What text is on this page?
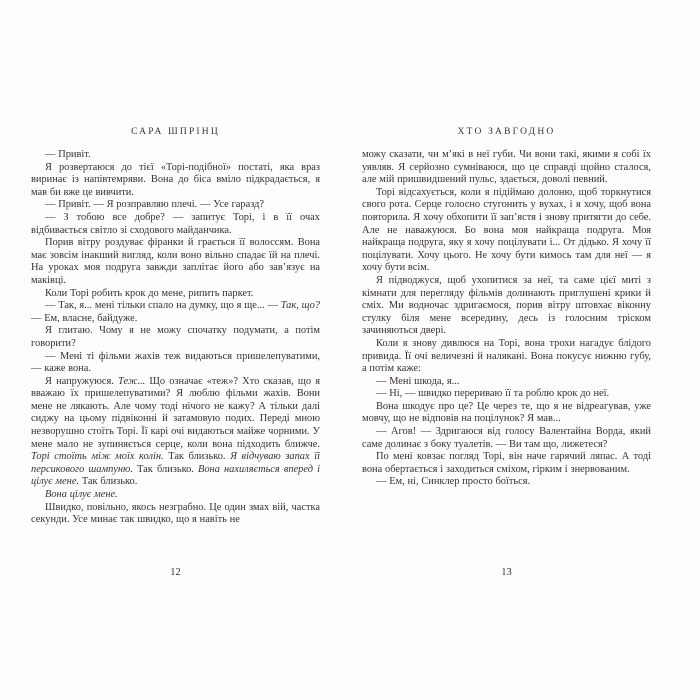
САРА ШПРІНЦ

— Привіт.

Я розвертаюся до тієї «Торі-подібної» постаті, яка враз виринає із напівтемряви. Вона до біса вміло підкрадається, я мав би вже це вивчити.

— Привіт. — Я розправляю плечі. — Усе гаразд?

— З тобою все добре? — запитує Торі, і в її очах відбивається світло зі сходового майданчика.

Порив вітру роздуває фіранки й грається її волоссям. Вона має зовсім інакший вигляд, коли воно вільно спадає їй на плечі. На уроках моя подруга завжди заплітає його або зав’язує на маківці.

Коли Торі робить крок до мене, рипить паркет.

— Так, я... мені тільки спало на думку, що я ще... — Так, що? — Ем, власне, байдуже.

Я глитаю. Чому я не можу спочатку подумати, а потім говорити?

— Мені ті фільми жахів теж видаються пришелепуватими, — каже вона.

Я напружуюся. Теж... Що означає «теж»? Хто сказав, що я вважаю їх пришелепуватими? Я люблю фільми жахів. Вони мене не лякають. Але чому тоді нічого не кажу? А тільки далі сиджу на цьому підвіконні й затамовую подих. Переді мною незворушно стоїть Торі. Її карі очі видаються майже чорними. У мене мало не зупиняється серце, коли вона підходить ближче. Торі стоїть між моїх колін. Так близько. Я відчуваю запах її персикового шампуню. Так близько. Вона нахиляється вперед і цілує мене. Так близько.

Вона цілує мене.

Швидко, повільно, якось незграбно. Це один змах вій, частка секунди. Усе минає так швидко, що я навіть не

12
ХТО ЗАВГОДНО

можу сказати, чи м’які в неї губи. Чи вони такі, якими я собі їх уявляв. Я серйозно сумніваюся, що це справді щойно сталося, але мій пришвидшений пульс, здається, доволі певний.

Торі відсахується, коли я підіймаю долоню, щоб торкнутися свого рота. Серце голосно стугонить у вухах, і я хочу, щоб вона повторила. Я хочу обхопити її зап’ястя і знову притягти до себе. Але не наважуюся. Бо вона моя найкраща подруга. Моя найкраща подруга, яку я хочу поцілувати і... От дідько. Я хочу її поцілувати. Хочу цього. Не хочу бути кимось там для неї — я хочу бути всім.

Я підводжуся, щоб ухопитися за неї, та саме цієї миті з кімнати для перегляду фільмів долинають приглушені крики й сміх. Ми водночас здригаємося, порив вітру штовхає віконну стулку біля мене всередину, десь із голосним тріском зачиняються двері.

Коли я знову дивлюся на Торі, вона трохи нагадує блідого привида. Її очі величезні й налякані. Вона покусує нижню губу, а потім каже:

— Мені шкода, я...

— Ні, — швидко перериваю її та роблю крок до неї.

Вона шкодує про це? Це через те, що я не відреагував, уже мовчу, що не відповів на поцілунок? Я мав...

— Агов! — Здригаюся від голосу Валентайна Ворда, який саме долинає з боку туалетів. — Ви там що, лижетеся?

По мені ковзає погляд Торі, він наче гарячий ляпас. А тоді вона обертається і заходиться сміхом, гірким і знервованим.

— Ем, ні, Синклер просто боїться.

13
